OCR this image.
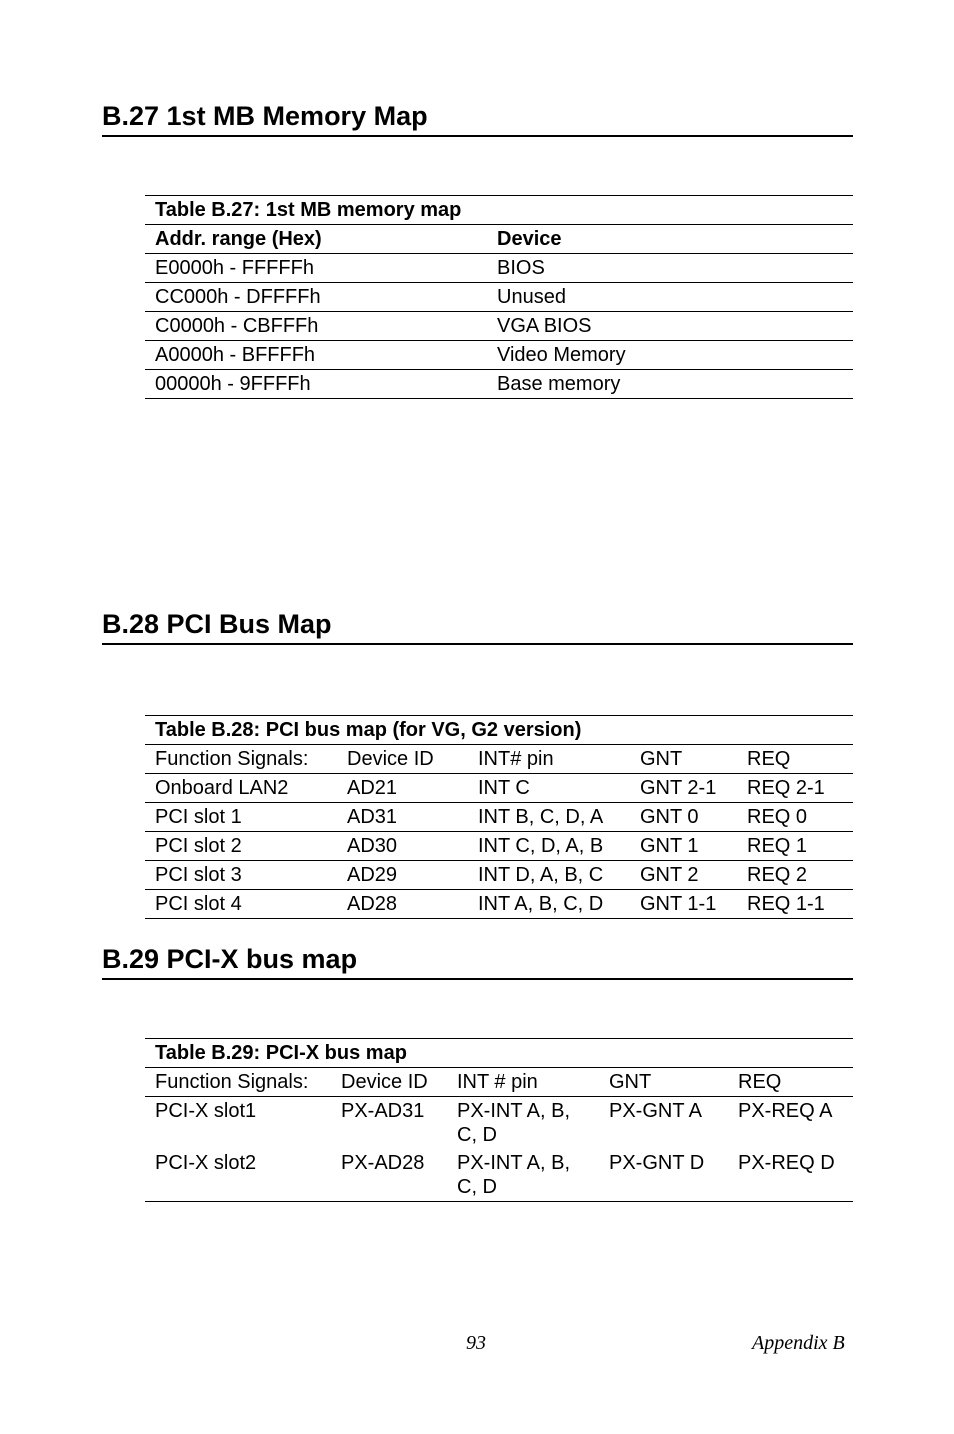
B.27 1st MB Memory Map
Table B.27: 1st MB memory map	
Addr. range (Hex)	Device
E0000h - FFFFFh	BIOS
CC000h - DFFFFh	Unused
C0000h - CBFFFh	VGA BIOS
A0000h - BFFFFh	Video Memory
00000h - 9FFFFh	Base memory
B.28 PCI Bus Map
Table B.28: PCI bus map (for VG, G2 version)				
Function Signals:	Device ID	INT# pin	GNT	REQ
Onboard LAN2	AD21	INT C	GNT 2-1	REQ 2-1
PCI slot 1	AD31	INT B, C, D, A	GNT 0	REQ 0
PCI slot 2	AD30	INT C, D, A, B	GNT 1	REQ 1
PCI slot 3	AD29	INT D, A, B, C	GNT 2	REQ 2
PCI slot 4	AD28	INT A, B, C, D	GNT 1-1	REQ 1-1
B.29 PCI-X bus map
Table B.29: PCI-X bus map				
Function Signals:	Device ID	INT # pin	GNT	REQ
PCI-X slot1	PX-AD31	PX-INT A, B, C, D	PX-GNT A	PX-REQ A
PCI-X slot2	PX-AD28	PX-INT A, B, C, D	PX-GNT D	PX-REQ D
93	Appendix B
